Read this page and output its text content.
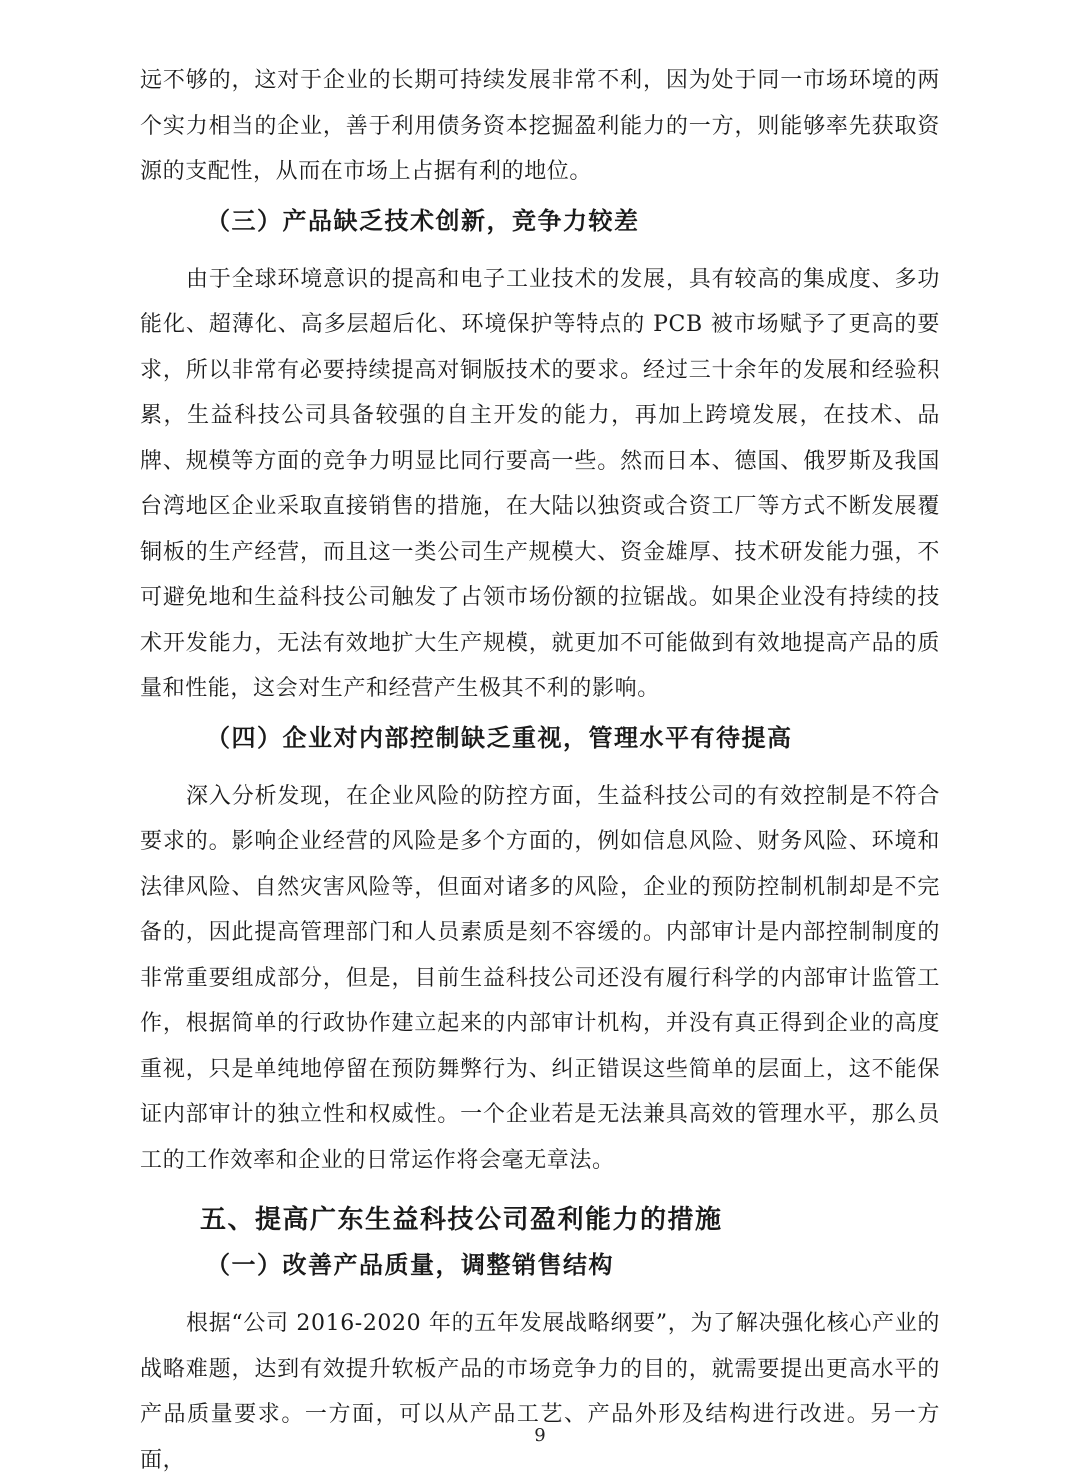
远不够的，这对于企业的长期可持续发展非常不利，因为处于同一市场环境的两个实力相当的企业，善于利用债务资本挖掘盈利能力的一方，则能够率先获取资源的支配性，从而在市场上占据有利的地位。

（三）产品缺乏技术创新，竞争力较差

由于全球环境意识的提高和电子工业技术的发展，具有较高的集成度、多功能化、超薄化、高多层超后化、环境保护等特点的 PCB 被市场赋予了更高的要求，所以非常有必要持续提高对铜版技术的要求。经过三十余年的发展和经验积累，生益科技公司具备较强的自主开发的能力，再加上跨境发展，在技术、品牌、规模等方面的竞争力明显比同行要高一些。然而日本、德国、俄罗斯及我国台湾地区企业采取直接销售的措施，在大陆以独资或合资工厂等方式不断发展覆铜板的生产经营，而且这一类公司生产规模大、资金雄厚、技术研发能力强，不可避免地和生益科技公司触发了占领市场份额的拉锯战。如果企业没有持续的技术开发能力，无法有效地扩大生产规模，就更加不可能做到有效地提高产品的质量和性能，这会对生产和经营产生极其不利的影响。

（四）企业对内部控制缺乏重视，管理水平有待提高

深入分析发现，在企业风险的防控方面，生益科技公司的有效控制是不符合要求的。影响企业经营的风险是多个方面的，例如信息风险、财务风险、环境和法律风险、自然灾害风险等，但面对诸多的风险，企业的预防控制机制却是不完备的，因此提高管理部门和人员素质是刻不容缓的。内部审计是内部控制制度的非常重要组成部分，但是，目前生益科技公司还没有履行科学的内部审计监管工作，根据简单的行政协作建立起来的内部审计机构，并没有真正得到企业的高度重视，只是单纯地停留在预防舞弊行为、纠正错误这些简单的层面上，这不能保证内部审计的独立性和权威性。一个企业若是无法兼具高效的管理水平，那么员工的工作效率和企业的日常运作将会毫无章法。

五、提高广东生益科技公司盈利能力的措施
（一）改善产品质量，调整销售结构

根据“公司 2016-2020 年的五年发展战略纲要”，为了解决强化核心产业的战略难题，达到有效提升软板产品的市场竞争力的目的，就需要提出更高水平的产品质量要求。一方面，可以从产品工艺、产品外形及结构进行改进。另一方面，

9
